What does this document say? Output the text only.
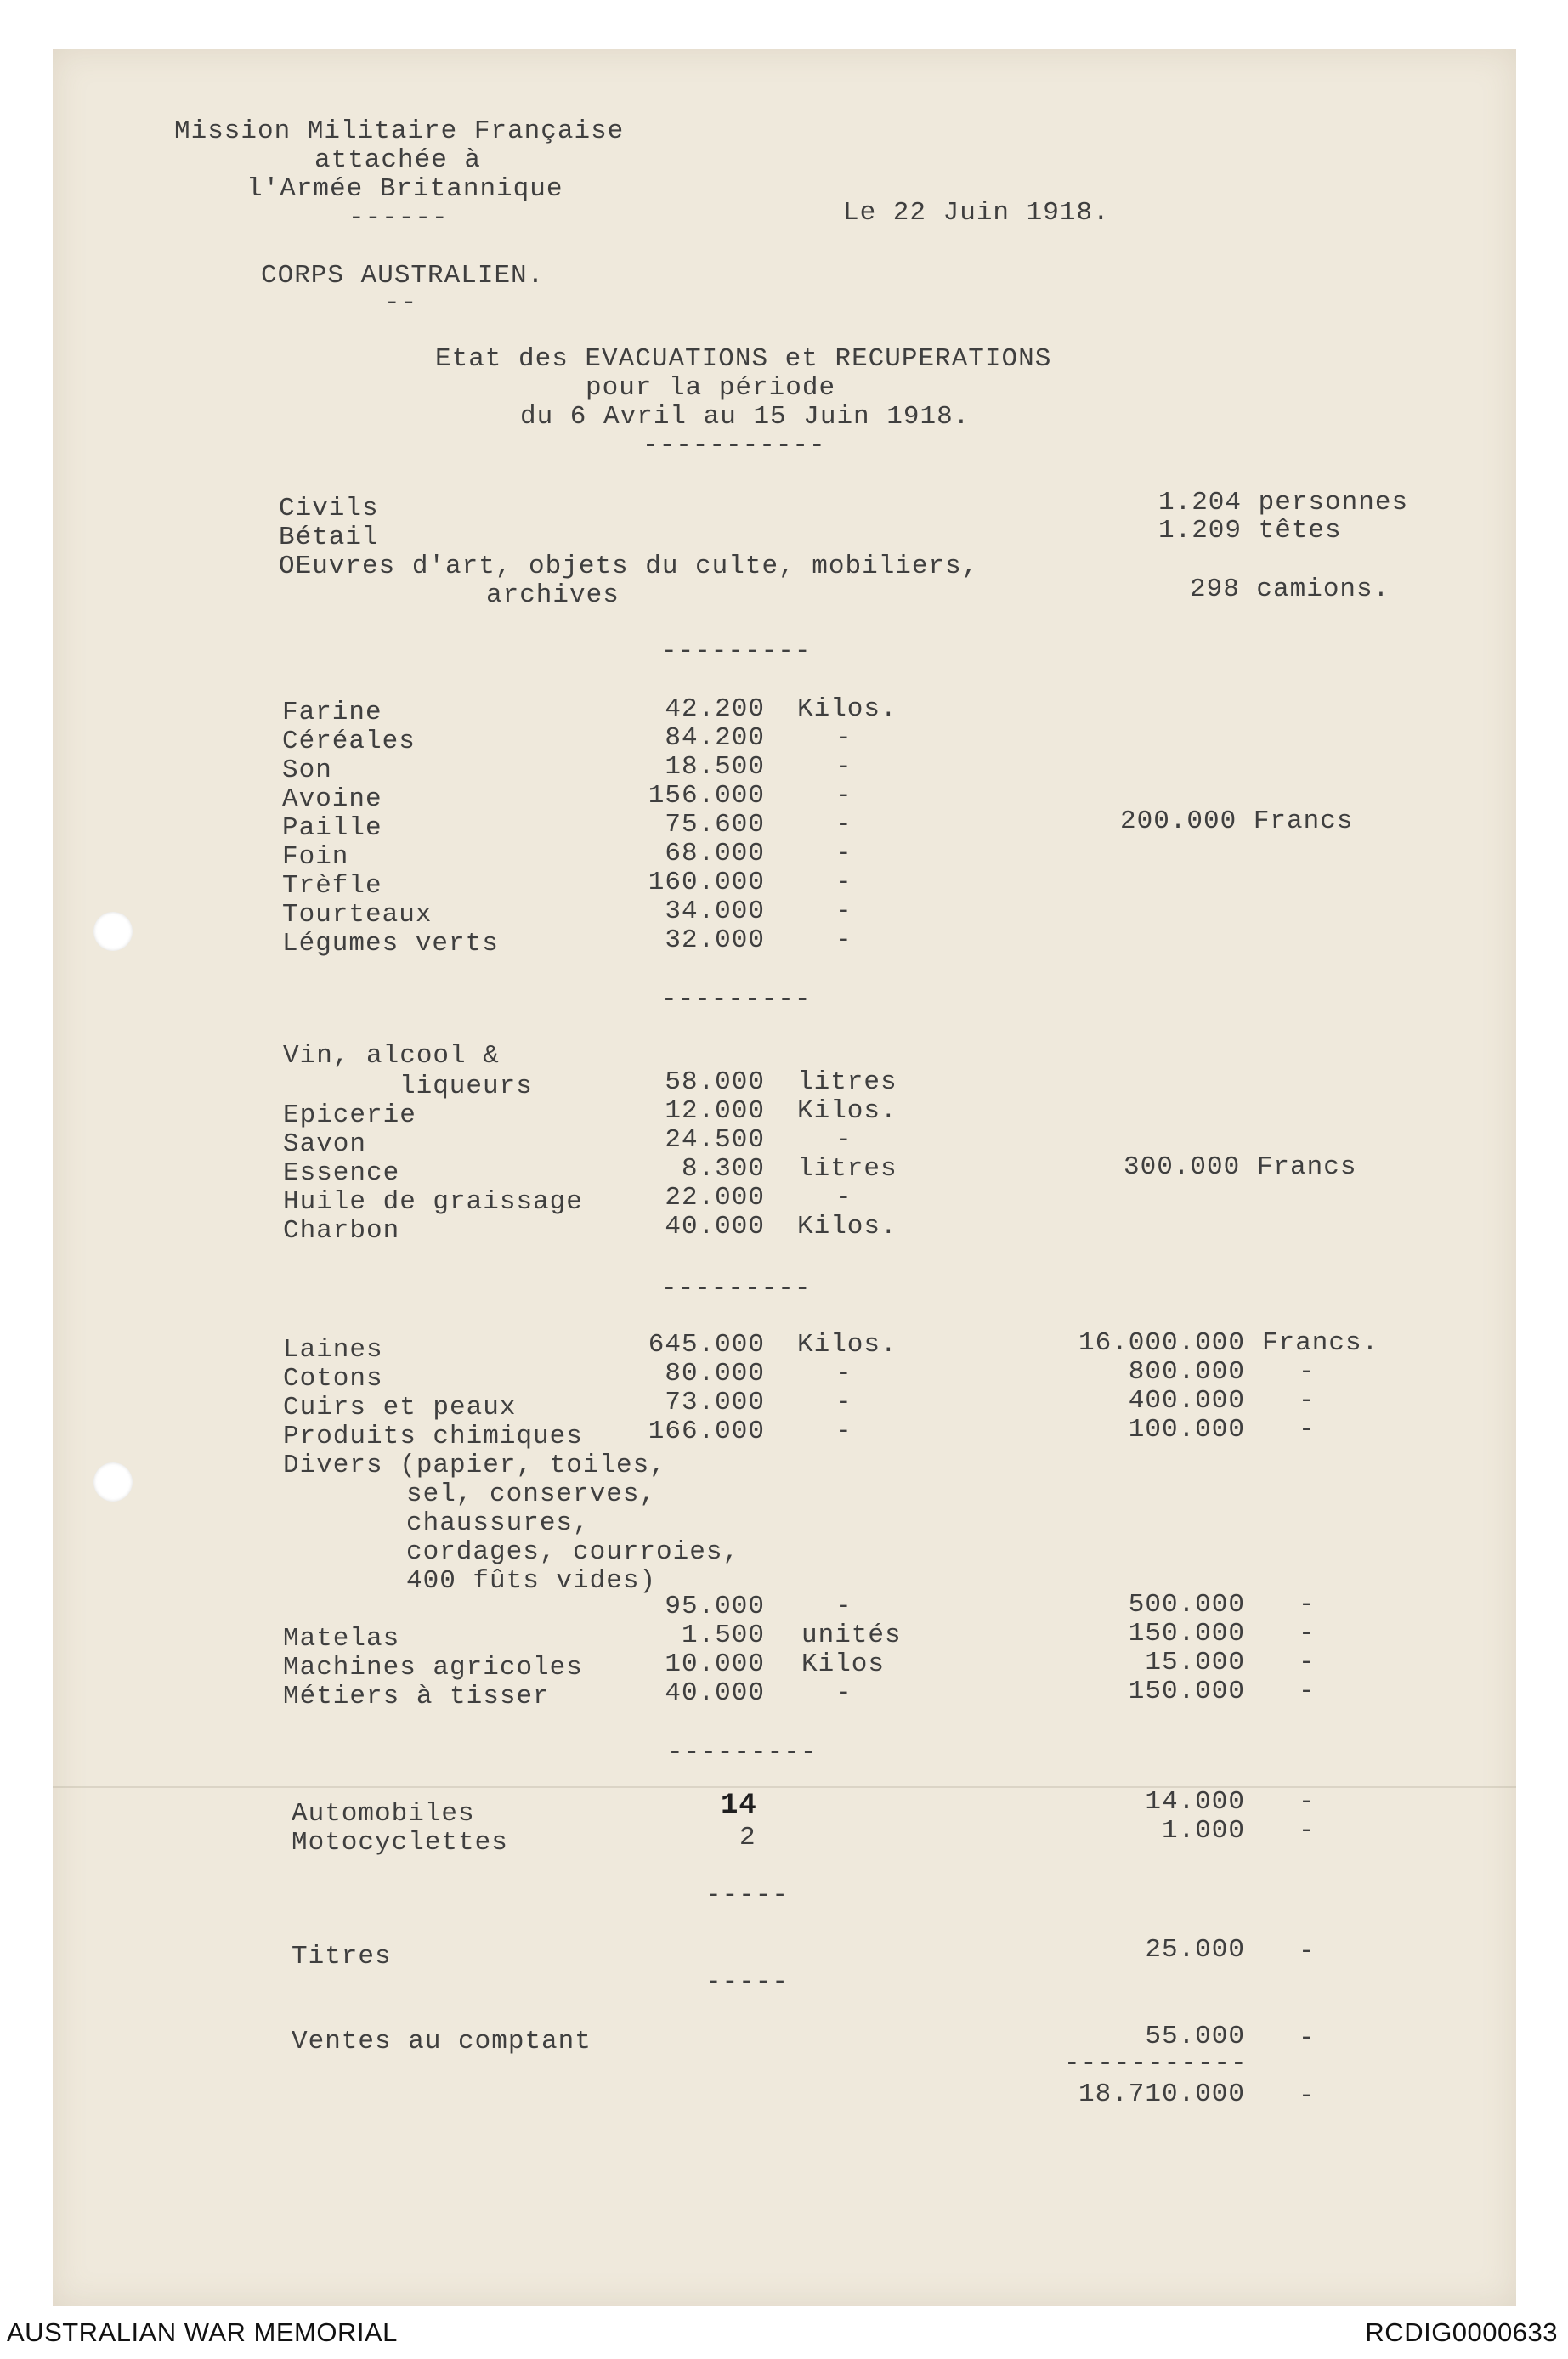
Mission Militaire Française
attachée à
l'Armée Britannique
------	Le 22 Juin 1918.
CORPS AUSTRALIEN.
--
Etat des EVACUATIONS et RECUPERATIONS
pour la période
du 6 Avril au 15 Juin 1918.
-----------
Civils	1.204 personnes
Bétail	1.209 têtes
OEuvres d'art, objets du culte, mobiliers,
archives	298 camions.
---------
Farine	42.200 Kilos.
Céréales	84.200	-
Son	18.500	-
Avoine	156.000	-
Paille	75.600	-
Foin	68.000	-
Trèfle	160.000	-
Tourteaux	34.000	-
Légumes verts	32.000	-
200.000 Francs
---------
Vin, alcool &
liqueurs	58.000 litres
Epicerie	12.000 Kilos.
Savon	24.500	-
Essence	8.300 litres
Huile de graissage	22.000	-
Charbon	40.000 Kilos.
300.000 Francs
---------
Laines	645.000 Kilos.	16.000.000 Francs.
Cotons	80.000	-	800.000 -
Cuirs et peaux	73.000	-	400.000 -
Produits chimiques	166.000	-	100.000 -
Divers (papier, toiles,
sel, conserves,
chaussures,
cordages, courroies,
400 fûts vides)
95.000	-	500.000 -
Matelas	1.500 unités	150.000 -
Machines agricoles	10.000 Kilos	15.000 -
Métiers à tisser	40.000	-	150.000 -
---------
Automobiles	14	14.000 -
Motocyclettes	2	1.000 -
-----
Titres	25.000 -
-----
Ventes au comptant	55.000 -
-----------
18.710.000 -
AUSTRALIAN WAR MEMORIAL	RCDIG0000633
